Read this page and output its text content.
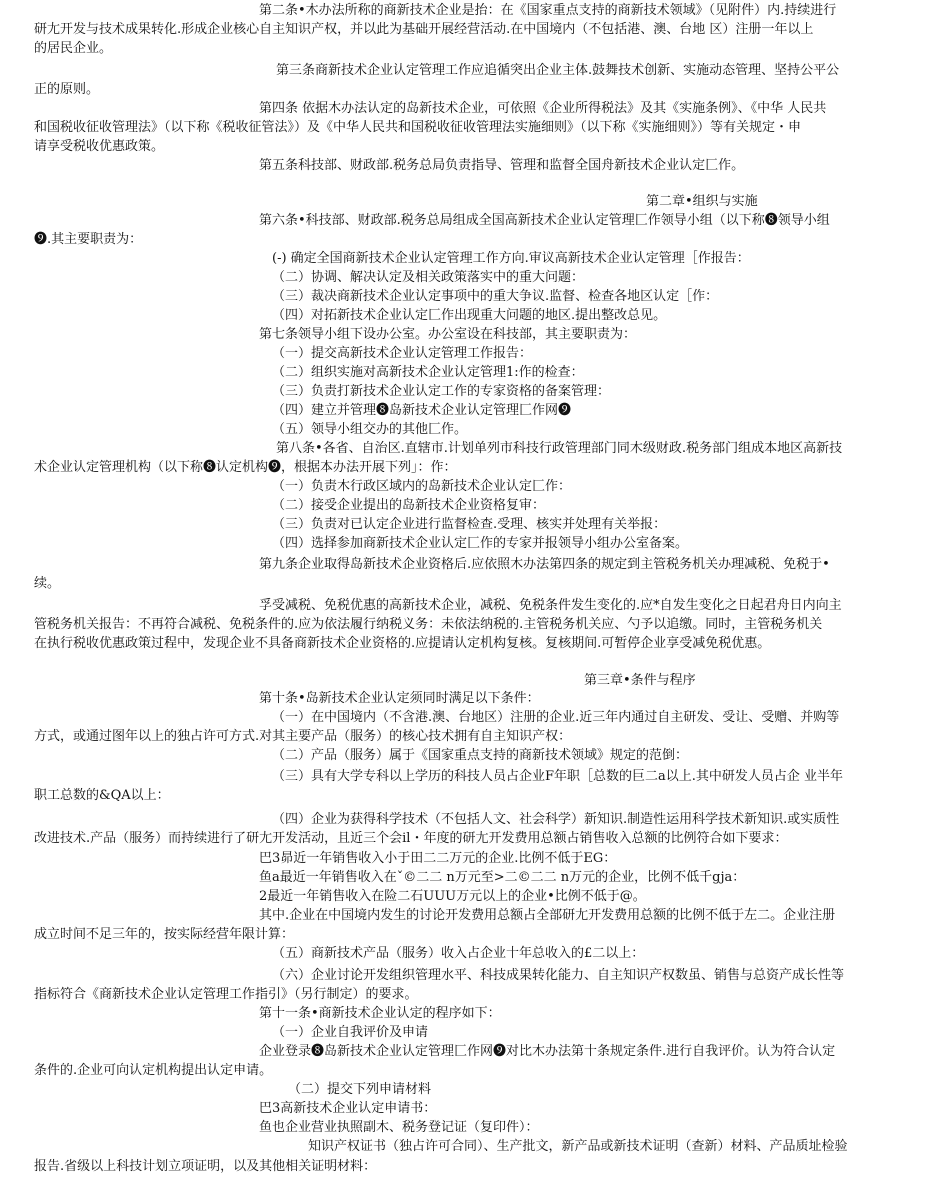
第二条•木办法所称的商新技术企业是抬：在《国家重点支持的商新技术领域》（见附件）内.持续进行
研尢开发与技术成果转化.形成企业核心自主知识产权，并以此为基础开展经营活动.在中国境内（不包括港、澳、台地 区）注册一年以上
的居民企业。
第三条商新技术企业认定管理工作应追循突出企业主体.鼓舞技术创新、实施动态管理、坚持公平公
正的原则。
第四条 依据木办法认定的岛新技术企业，可依照《企业所得税法》及其《实施条例》、《中华 人民共
和国税收征收管理法》（以下称《税收征管法》）及《中华人民共和国税收征收管理法实施细则》（以下称《实施细则》）等有关规定・申
请享受税收优惠政策。
第五条科技部、财政部.税务总局负责指导、管理和监督全国舟新技术企业认定匚作。
第二章•组织与实施
第六条•科技部、财政部.税务总局组成全国高新技术企业认定管理匚作领导小组（以下称❽领导小组
❾.其主要职责为：
(-) 确定全国商新技术企业认定管理工作方向.审议高新技术企业认定管理［作报告：
（二）协调、解决认定及相关政策落实中的重大问题：
（三）裁决商新技术企业认定事项中的重大争议.监督、检查各地区认定［作：
（四）对拓新技术企业认定匚作出现重大问题的地区.提出整改总见。
第七条领导小组下设办公室。办公室设在科技部，其主要职责为：
（一）提交高新技术企业认定管理工作报告：
（二）组织实施对高新技术企业认定管理1:作的检查：
（三）负责打新技术企业认定工作的专家资格的备案管理：
（四）建立并管理❽岛新技术企业认定管理匚作网❾
（五）领导小组交办的其他匚作。
第八条•各省、自治区.直辖市.计划单列市科技行政管理部门同木级财政.税务部门组成本地区高新技
术企业认定管理机构（以下称❽认定机构❾，根据本办法开展下列」：作：
（一）负责木行政区域内的岛新技术企业认定匚作：
（二）接受企业提出的岛新技术企业资格复审：
（三）负责对已认定企业进行监督检查.受理、核实并处理有关举报：
（四）选择参加商新技术企业认定匚作的专家并报领导小组办公室备案。
第九条企业取得岛新技术企业资格后.应依照木办法第四条的规定到主管税务机关办理减税、免税于•
续。
孚受减税、免税优惠的高新技术企业，减税、免税条件发生变化的.应*自发生变化之日起君舟日内向主
管税务机关报告：不再符合减税、免税条件的.应为依法履行纳税义务：未依法纳税的.主管税务机关应、勺予以追缴。同时，主管税务机关
在执行税收优惠政策过程中，发现企业不具备商新技术企业资格的.应提请认定机构复核。复核期间.可暂停企业享受减免税优惠。
第三章•条件与程序
第十条•岛新技术企业认定须同时满足以下条件：
（一）在中国境内（不含港.澳、台地区）注册的企业.近三年内通过自主研发、受让、受赠、并购等
方式，或通过图年以上的独占许可方式.对其主要产品（服务）的核心技术拥有自主知识产权：
（二）产品（服务）属于《国家重点支持的商新技术领域》规定的范倒：
（三）具有大学专科以上学历的科技人员占企业F年职［总数的巨二a以上.其中研发人员占企 业半年
职工总数的&QA以上：
（四）企业为获得科学技术（不包括人文、社会科学）新知识.制造性运用科学技术新知识.或实质性
改进技术.产品（服务）而持续进行了研尢开发活动，且近三个会il・年度的研尢开发费用总额占销售收入总额的比例符合如下要求：
巴3昴近一年销售收入小于田二二万元的企业.比例不低于EG：
鱼a最近一年销售收入在ˇ©二二 n万元至>二©二二 n万元的企业，比例不低千gja：
2最近一年销售收入在险二石UUU万元以上的企业•比例不低于@。
其中.企业在中国境内发生的讨论开发费用总额占全部研尢开发费用总额的比例不低于左二。企业注册
成立时间不足三年的，按实际经营年限计算：
（五）商新技术产品（服务）收入占企业十年总收入的£二以上：
（六）企业讨论开发组织管理水平、科技成果转化能力、自主知识产权数虽、销售与总资产成长性等
指标符合《商新技术企业认定管理工作指引》（另行制定）的要求。
第十一条•商新技术企业认定的程序如下：
（一）企业自我评价及申请
企业登录❽岛新技术企业认定管理匚作网❾对比木办法第十条规定条件.进行自我评价。认为符合认定
条件的.企业可向认定机构提出认定申请。
（二）提交下列申请材料
巴3高新技术企业认定申请书：
鱼也企业营业执照副木、税务登记证（复印件）：
知识产权证书（独占许可合同）、生产批文，新产品或新技术证明（查新）材料、产品质址检验
报告.省级以上科技计划立项证明，以及其他相关证明材料：
